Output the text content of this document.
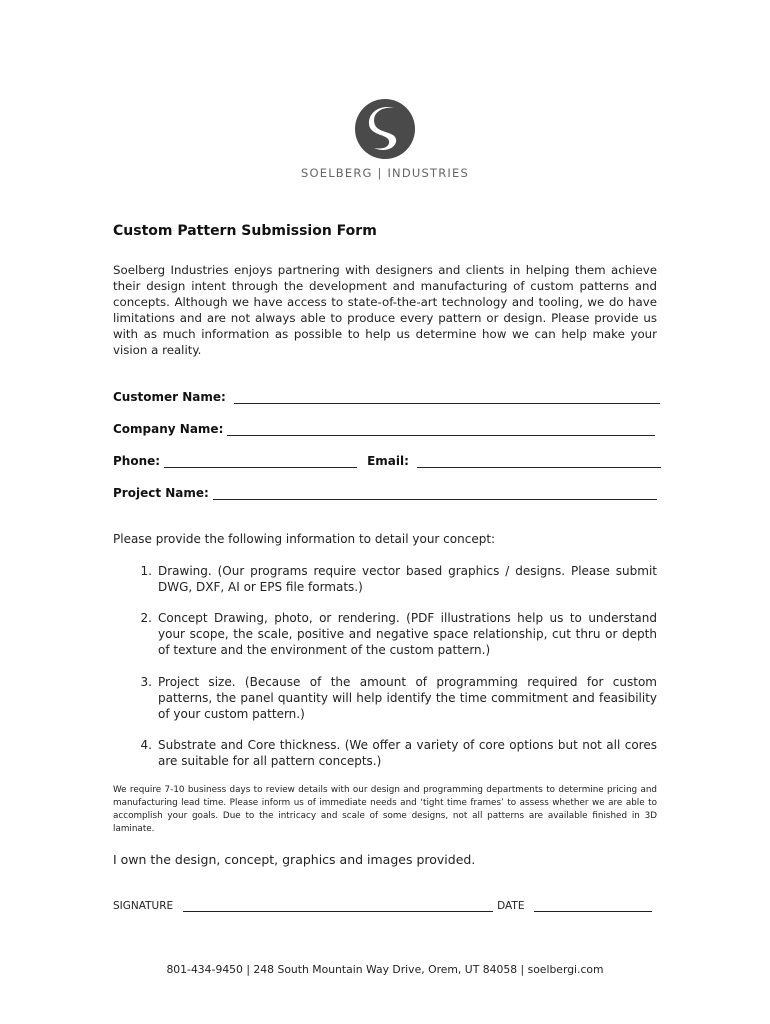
SOELBERG | INDUSTRIES
Custom Pattern Submission Form
Soelberg Industries enjoys partnering with designers and clients in helping them achieve their design intent through the development and manufacturing of custom patterns and concepts. Although we have access to state-of-the-art technology and tooling, we do have limitations and are not always able to produce every pattern or design. Please provide us with as much information as possible to help us determine how we can help make your vision a reality.
Customer Name:
Company Name:
Phone:	Email:
Project Name:
Please provide the following information to detail your concept:
1. Drawing. (Our programs require vector based graphics / designs. Please submit DWG, DXF, AI or EPS file formats.)
2. Concept Drawing, photo, or rendering. (PDF illustrations help us to understand your scope, the scale, positive and negative space relationship, cut thru or depth of texture and the environment of the custom pattern.)
3. Project size. (Because of the amount of programming required for custom patterns, the panel quantity will help identify the time commitment and feasibility of your custom pattern.)
4. Substrate and Core thickness. (We offer a variety of core options but not all cores are suitable for all pattern concepts.)
We require 7-10 business days to review details with our design and programming departments to determine pricing and manufacturing lead time. Please inform us of immediate needs and ‘tight time frames’ to assess whether we are able to accomplish your goals. Due to the intricacy and scale of some designs, not all patterns are available finished in 3D laminate.
I own the design, concept, graphics and images provided.
SIGNATURE	DATE
801-434-9450 | 248 South Mountain Way Drive, Orem, UT 84058 | soelbergi.com
